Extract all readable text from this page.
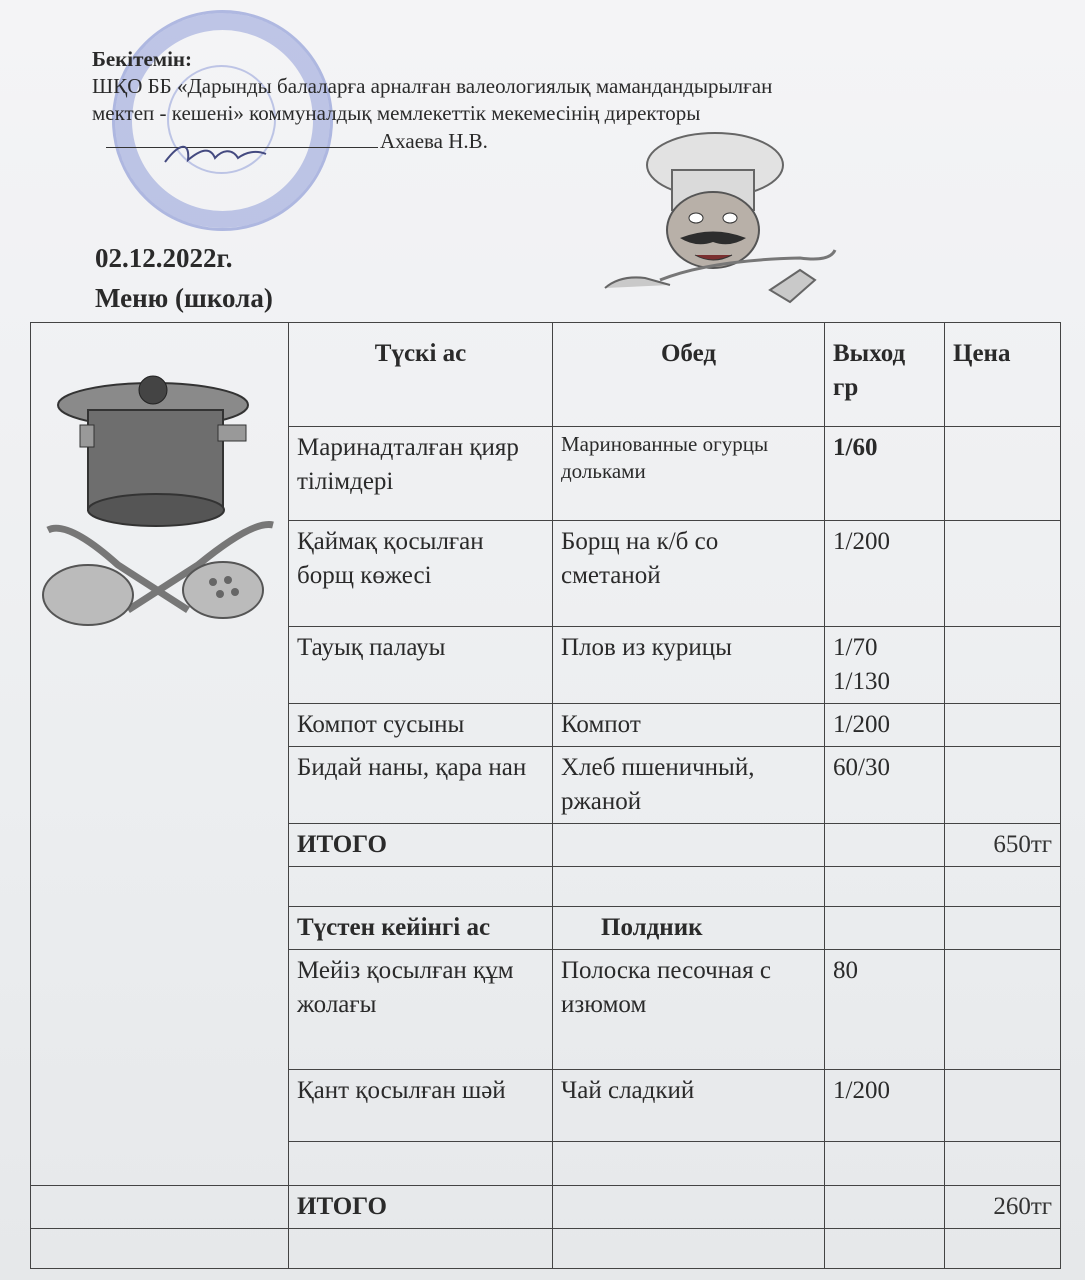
Бекітемін:
ШҚО ББ «Дарынды балаларға арналған валеологиялық мамандандырылған
мектеп - кешені» коммуналдық мемлекеттік мекемесінің директоры
Ахаева Н.В.
02.12.2022г.
Меню (школа)
	Түскі ас	Обед	Выход гр	Цена
	Маринадталған қияр тілімдері	Маринованные огурцы дольками	1/60	
	Қаймақ қосылған борщ көжесі	Борщ на к/б со сметаной	1/200	
	Тауық палауы	Плов из курицы	1/70 1/130	
	Компот сусыны	Компот	1/200	
	Бидай наны, қара нан	Хлеб пшеничный, ржаной	60/30	
	ИТОГО			650тг

	Түстен кейінгі ас	Полдник		
	Мейіз қосылған құм жолағы	Полоска песочная с изюмом	80	
	Қант қосылған шәй	Чай сладкий	1/200	

	ИТОГО			260тг
